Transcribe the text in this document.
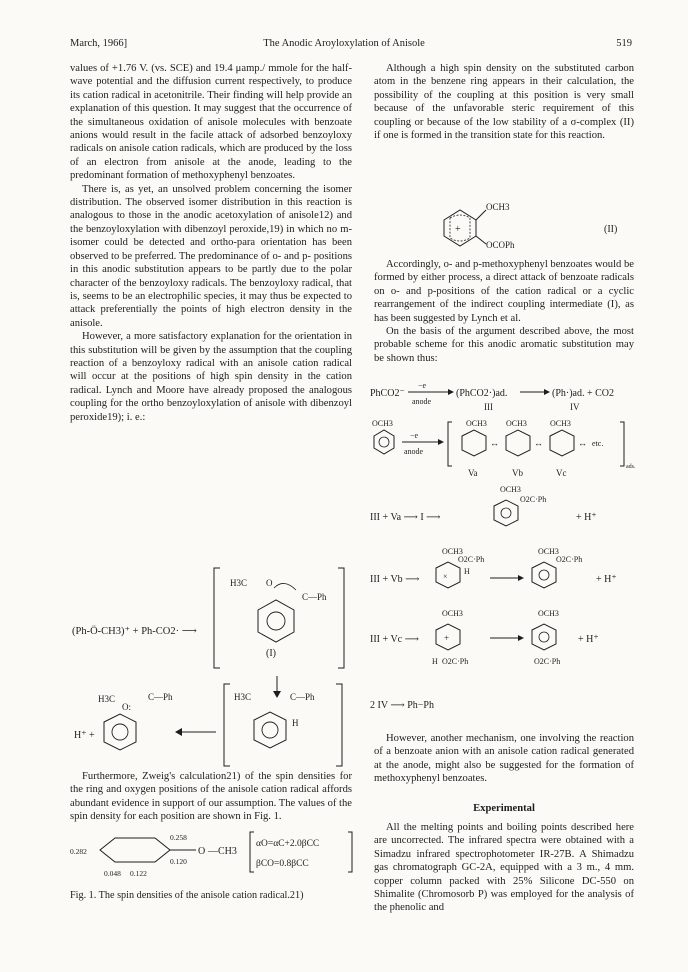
March, 1966]	The Anodic Aroyloxylation of Anisole	519

values of +1.76 V. (vs. SCE) and 19.4 μamp./ mmole for the half-wave potential and the diffusion current respectively, to produce its cation radical in acetonitrile. Their finding will help provide an explanation of this question. It may suggest that the occurrence of the simultaneous oxidation of anisole molecules with benzoate anions would result in the facile attack of adsorbed benzoyloxy radicals on anisole cation radicals, which are produced by the loss of an electron from anisole at the anode, leading to the predominant formation of methoxyphenyl benzoates.

There is, as yet, an unsolved problem concerning the isomer distribution. The observed isomer distribution in this reaction is analogous to those in the anodic acetoxylation of anisole12) and the benzoyloxylation with dibenzoyl peroxide,19) in which no m-isomer could be detected and ortho-para orientation has been observed to be preferred. The predominance of o- and p- positions in this anodic substitution appears to be partly due to the polar character of the benzoyloxy radicals. The benzoyloxy radical, that is, seems to be an electrophilic species, it may thus be expected to attack preferentially the points of high electron density in the anisole.

However, a more satisfactory explanation for the orientation in this substitution will be given by the assumption that the coupling reaction of a benzoyloxy radical with an anisole cation radical will occur at the positions of high spin density in the cation radical. Lynch and Moore have already proposed the analogous coupling for the ortho benzoyloxylation of anisole with dibenzoyl peroxide19); i. e.:

(Ph-Ö-CH3)⁺ + Ph-CO2· ⟶
H3C O
C—Ph
(I)
H3C
O:
C—Ph
H⁺ +
H3C	C—Ph
H

Furthermore, Zweig's calculation21) of the spin densities for the ring and oxygen positions of the anisole cation radical affords abundant evidence in support of our assumption. The values of the spin density for each position are shown in Fig. 1.

0.258
0.282
0.120
0.048 0.122
O —CH3
αO=αC+2.0βCC
βCO=0.8βCC
Fig. 1. The spin densities of the anisole cation radical.21)

Although a high spin density on the substituted carbon atom in the benzene ring appears in their calculation, the possibility of the coupling at this position is very small because of the unfavorable steric requirement of this coupling or because of the low stability of a σ-complex (II) if one is formed in the transition state for this reaction.

+
OCH3
OCOPh
(II)

Accordingly, o- and p-methoxyphenyl benzoates would be formed by either process, a direct attack of benzoate radicals on o- and p-positions of the cation radical or a cyclic rearrangement of the indirect coupling intermediate (I), as has been suggested by Lynch et al.

On the basis of the argument described above, the most probable scheme for this anodic aromatic substitution may be shown thus:

PhCO2⁻
−e
anode
(PhCO2·)ad.	(Ph·)ad. + CO2
III	IV
OCH3
−e
anode
OCH3
↔
OCH3
↔
OCH3
↔ etc.
ads.
Va	Vb	Vc
III + Va ⟶ I ⟶
OCH3
O2C·Ph
+ H⁺
III + Vb ⟶
OCH3
×
O2C·Ph
H
OCH3
O2C·Ph
+ H⁺
III + Vc ⟶
OCH3
+
H O2C·Ph
OCH3
O2C·Ph
+ H⁺
2 IV ⟶ Ph−Ph

However, another mechanism, one involving the reaction of a benzoate anion with an anisole cation radical generated at the anode, might also be suggested for the formation of methoxyphenyl benzoates.

Experimental

All the melting points and boiling points described here are uncorrected. The infrared spectra were obtained with a Simadzu infrared spectrophotometer IR-27B. A Shimadzu gas chromatograph GC-2A, equipped with a 3 m., 4 mm. copper column packed with 25% Silicone DC-550 on Shimalite (Chromosorb P) was employed for the analysis of the phenolic and
